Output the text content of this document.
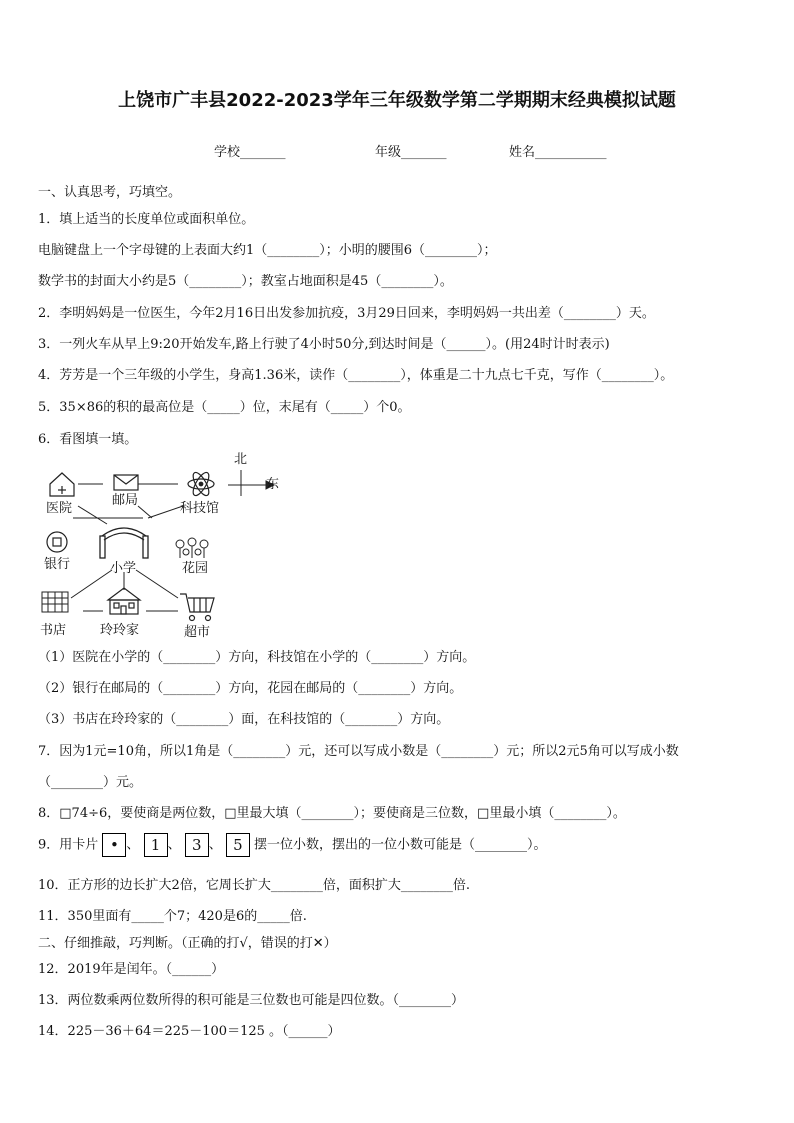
上饶市广丰县2022-2023学年三年级数学第二学期期末经典模拟试题
学校_______	年级_______	姓名___________
一、认真思考，巧填空。
1．填上适当的长度单位或面积单位。
电脑键盘上一个字母键的上表面大约1（________）；小明的腰围6（________）；
数学书的封面大小约是5（________）；教室占地面积是45（________）。
2．李明妈妈是一位医生，今年2月16日出发参加抗疫，3月29日回来，李明妈妈一共出差（________）天。
3．一列火车从早上9:20开始发车,路上行驶了4小时50分,到达时间是（______）。(用24时计时表示)
4．芳芳是一个三年级的小学生，身高1.36米，读作（________），体重是二十九点七千克，写作（________）。
5．35×86的积的最高位是（_____）位，末尾有（_____）个0。
6．看图填一填。
北
东
医院
邮局
科技馆
银行	小学	花园
书店	玲玲家	超市
（1）医院在小学的（________）方向，科技馆在小学的（________）方向。
（2）银行在邮局的（________）方向，花园在邮局的（________）方向。
（3）书店在玲玲家的（________）面，在科技馆的（________）方向。
7．因为1元=10角，所以1角是（________）元，还可以写成小数是（________）元；所以2元5角可以写成小数
（________）元。
8．□74÷6，要使商是两位数，□里最大填（________）；要使商是三位数，□里最小填（________）。
9．用卡片 • 、 1 、 3 、 5 摆一位小数，摆出的一位小数可能是（________）。
10．正方形的边长扩大2倍，它周长扩大________倍，面积扩大________倍.
11．350里面有_____个7；420是6的_____倍.
二、仔细推敲，巧判断。（正确的打√，错误的打✕）
12．2019年是闰年。（______）
13．两位数乘两位数所得的积可能是三位数也可能是四位数。（________）
14．225－36＋64＝225－100＝125 。（______）
